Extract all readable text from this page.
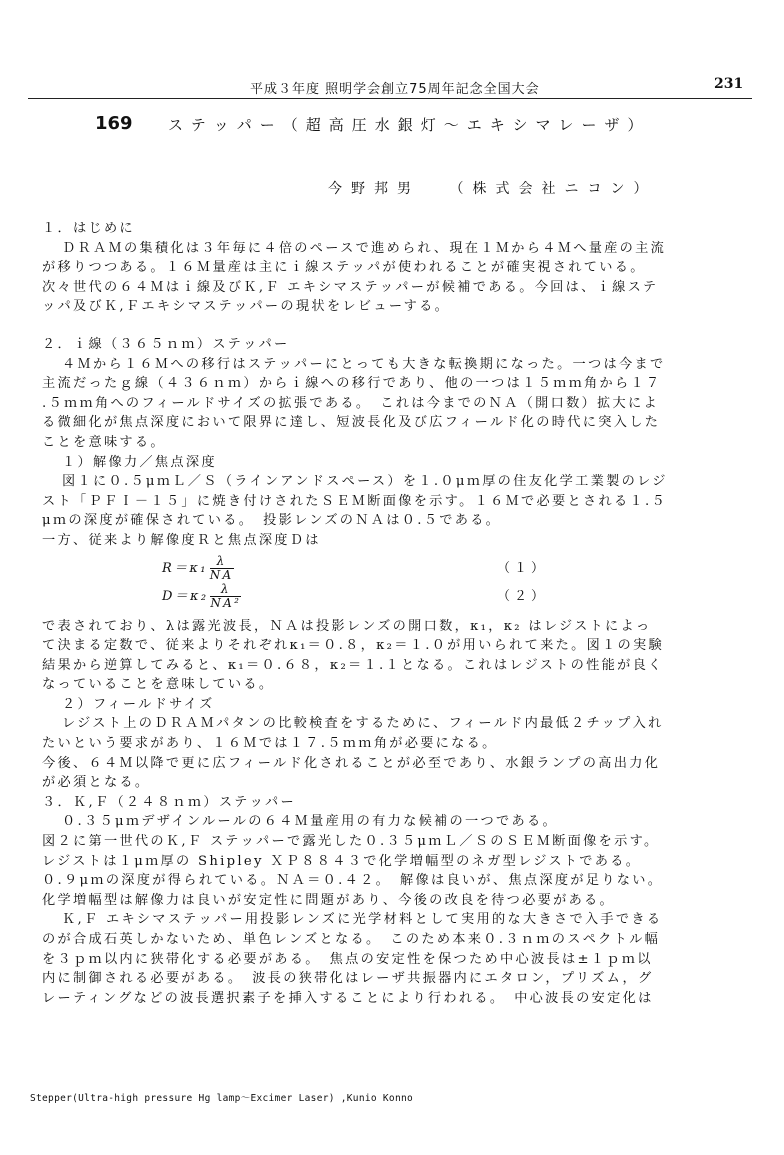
平成３年度 照明学会創立75周年記念全国大会	231
169 ステッパー（超高圧水銀灯～エキシマレーザ）
今野邦男 　（株式会社ニコン）
１．はじめに
ＤＲＡＭの集積化は３年毎に４倍のペースで進められ、現在１Ｍから４Ｍへ量産の主流
が移りつつある。１６Ｍ量産は主にｉ線ステッパが使われることが確実視されている。
次々世代の６４Ｍはｉ線及びＫ,Ｆ エキシマステッパーが候補である。今回は、ｉ線ステ
ッパ及びＫ,Ｆエキシマステッパーの現状をレビューする。
２．ｉ線（３６５ｎｍ）ステッパー
４Ｍから１６Ｍへの移行はステッパーにとっても大きな転換期になった。一つは今まで
主流だったｇ線（４３６ｎｍ）からｉ線への移行であり、他の一つは１５ｍｍ角から１７
.５ｍｍ角へのフィールドサイズの拡張である。　これは今までのＮＡ（開口数）拡大によ
る微細化が焦点深度において限界に達し、短波長化及び広フィールド化の時代に突入した
ことを意味する。
１）解像力／焦点深度
図１に０.５μｍＬ／Ｓ（ラインアンドスペース）を１.０μｍ厚の住友化学工業製のレジ
スト「ＰＦＩ－１５」に焼き付けされたＳＥＭ断面像を示す。１６Ｍで必要とされる１.５
μｍの深度が確保されている。　投影レンズのＮＡは０.５である。
一方、従来より解像度Ｒと焦点深度Ｄは
$R=\kappa_1 \frac{\lambda}{NA}$	（１）
$D=\kappa_2 \frac{\lambda}{\text{NA²}}$	（２）
で表されており、λは露光波長，ＮＡは投影レンズの開口数，κ₁，κ₂ はレジストによっ
て決まる定数で、従来よりそれぞれκ₁＝０.８，κ₂＝１.０が用いられて来た。図１の実験
結果から逆算してみると、κ₁＝０.６８，κ₂＝１.１となる。これはレジストの性能が良く
なっていることを意味している。
２）フィールドサイズ
レジスト上のＤＲＡＭパタンの比較検査をするために、フィールド内最低２チップ入れ
たいという要求があり、１６Ｍでは１７.５ｍｍ角が必要になる。
今後、６４Ｍ以降で更に広フィールド化されることが必至であり、水銀ランプの高出力化
が必須となる。
３．Ｋ,Ｆ（２４８ｎｍ）ステッパー
０.３５μｍデザインルールの６４Ｍ量産用の有力な候補の一つである。
図２に第一世代のＫ,Ｆ ステッパーで露光した０.３５μｍＬ／ＳのＳＥＭ断面像を示す。
レジストは１μｍ厚の Shipley ＸＰ８８４３で化学増幅型のネガ型レジストである。
０.９μｍの深度が得られている。ＮＡ＝０.４２。　解像は良いが、焦点深度が足りない。
化学増幅型は解像力は良いが安定性に問題があり、今後の改良を待つ必要がある。
Ｋ,Ｆ エキシマステッパー用投影レンズに光学材料として実用的な大きさで入手できる
のが合成石英しかないため、単色レンズとなる。　このため本来０.３ｎｍのスペクトル幅
を３ｐｍ以内に狭帯化する必要がある。　焦点の安定性を保つため中心波長は±１ｐｍ以
内に制御される必要がある。　波長の狭帯化はレーザ共振器内にエタロン，プリズム，グ
レーティングなどの波長選択素子を挿入することにより行われる。　中心波長の安定化は
Stepper(Ultra-high pressure Hg lamp～Excimer Laser) ,Kunio Konno
